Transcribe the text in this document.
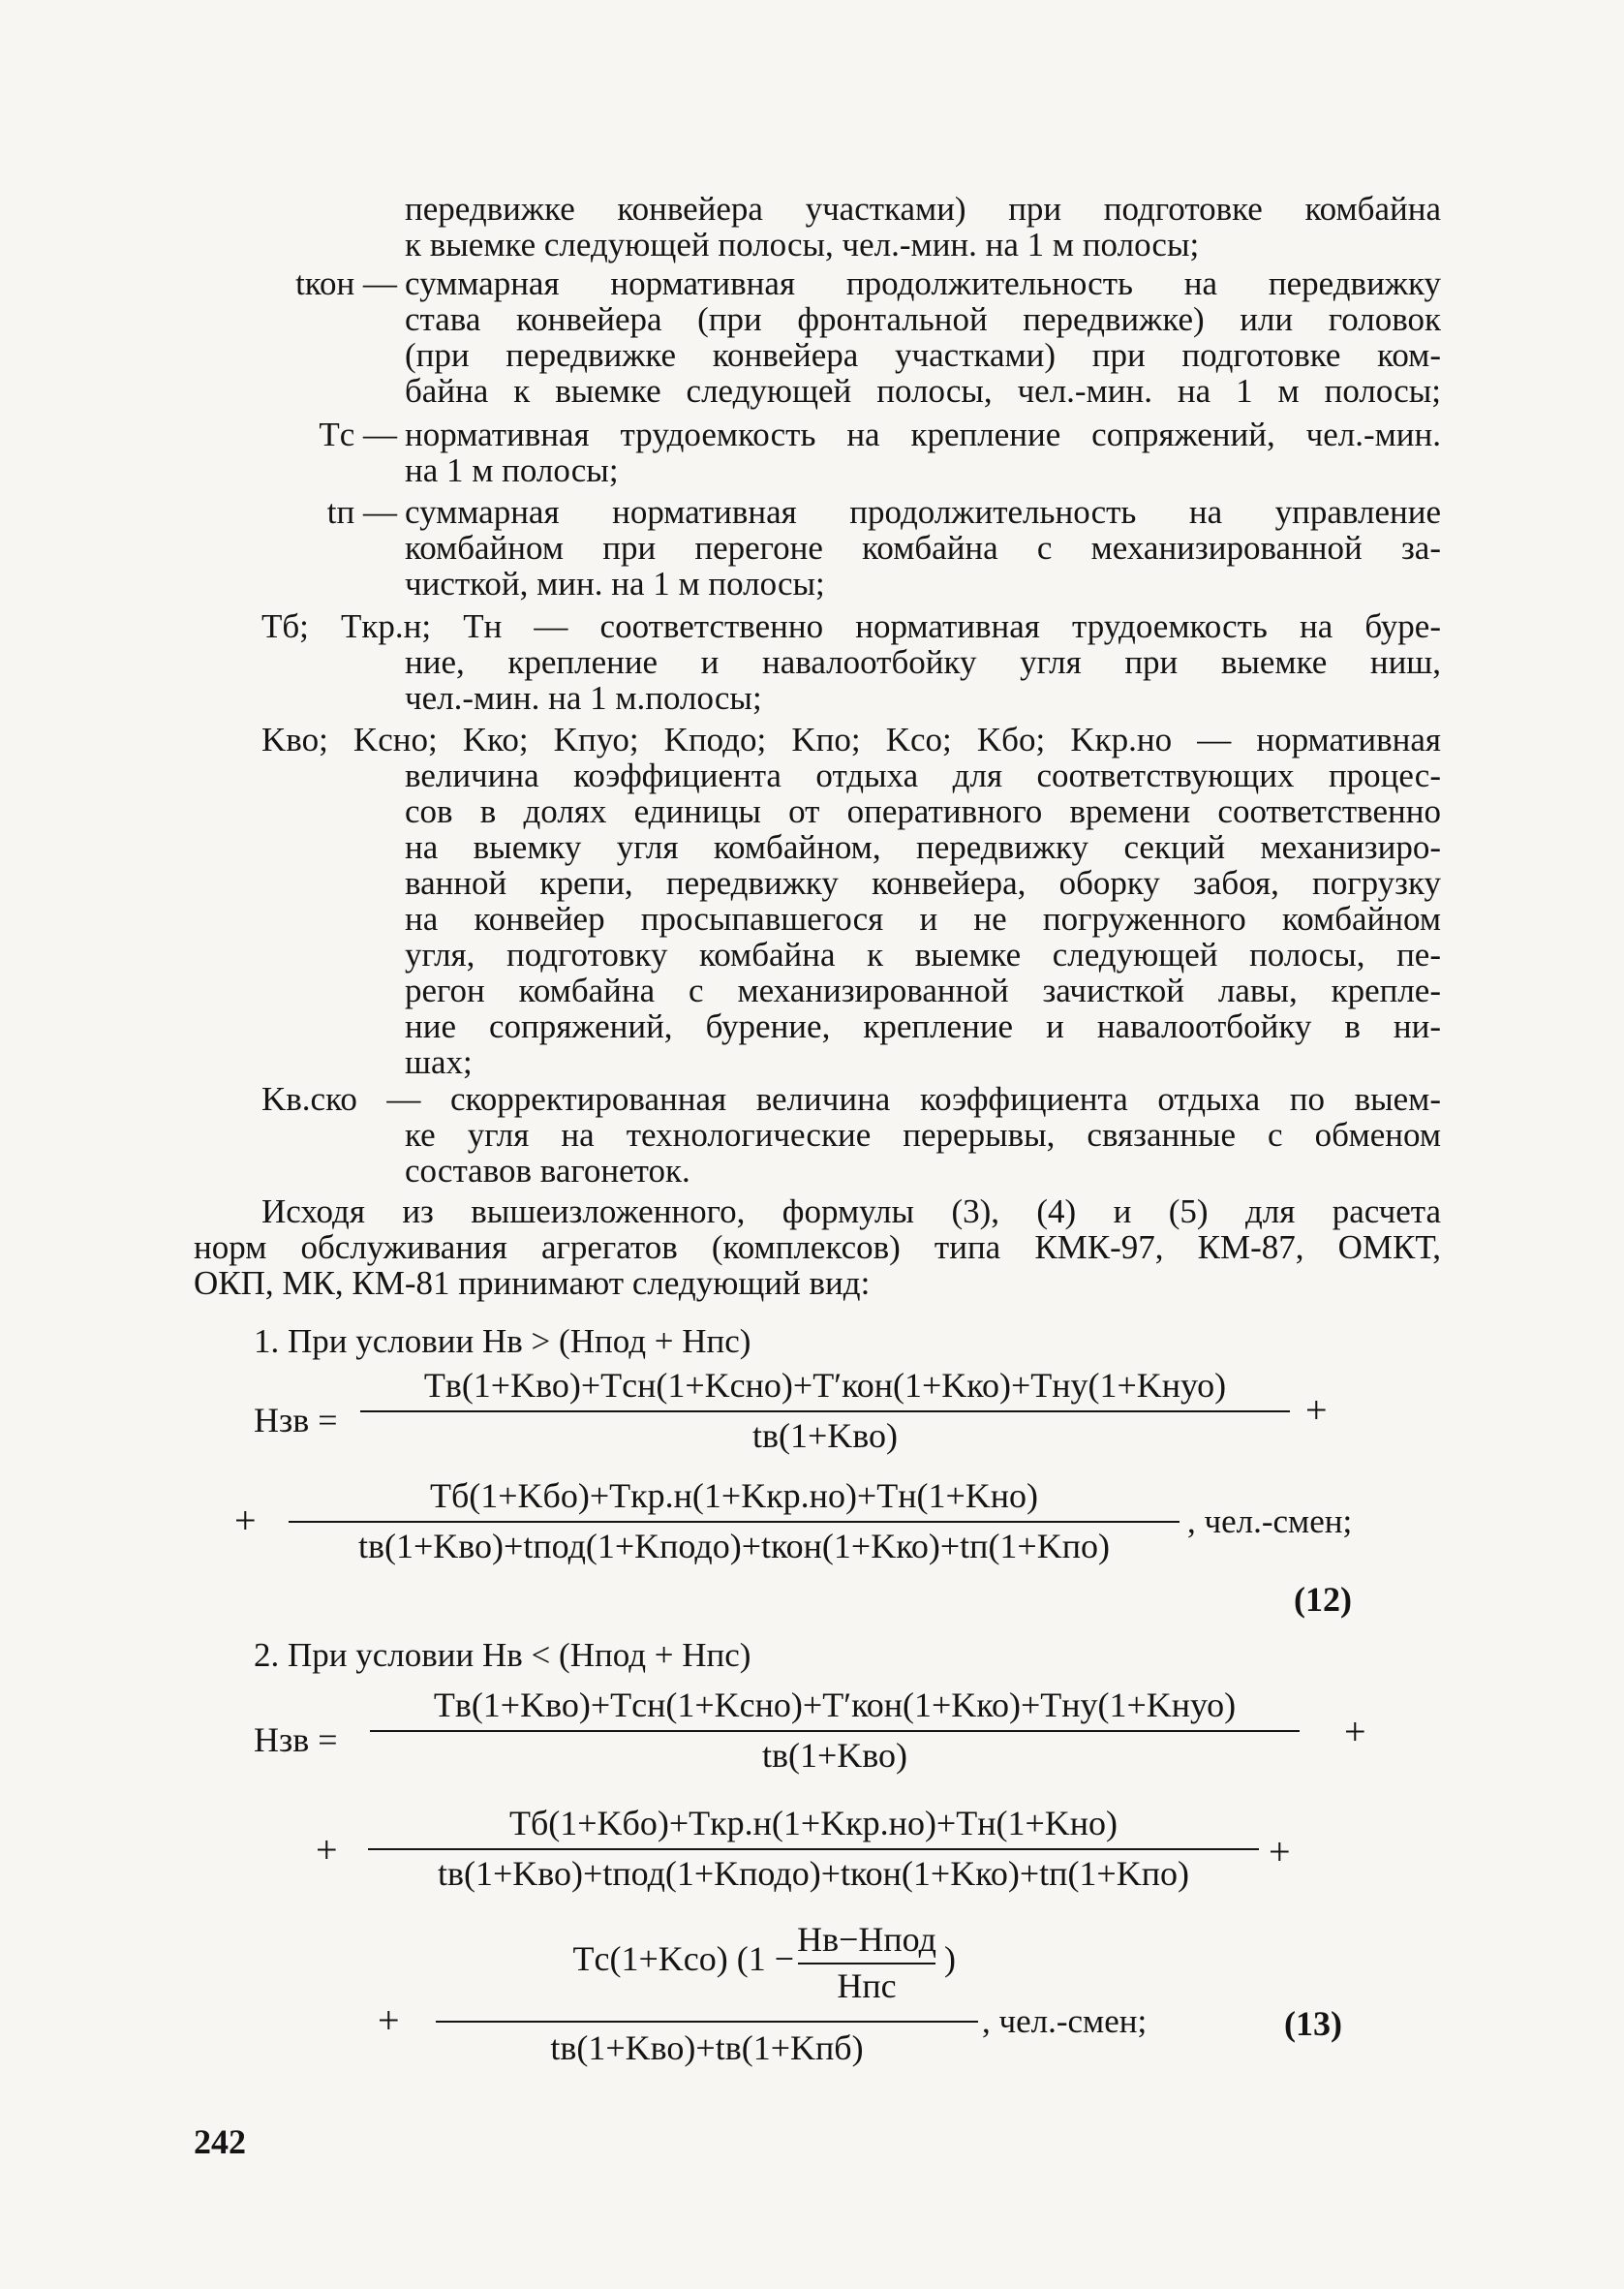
передвижке конвейера участками) при подготовке комбайна
к выемке следующей полосы, чел.-мин. на 1 м полосы;
tкон — суммарная нормативная продолжительность на передвижку
става конвейера (при фронтальной передвижке) или головок
(при передвижке конвейера участками) при подготовке ком-
байна к выемке следующей полосы, чел.-мин. на 1 м полосы;
Tс — нормативная трудоемкость на крепление сопряжений, чел.-мин.
на 1 м полосы;
tп — суммарная нормативная продолжительность на управление
комбайном при перегоне комбайна с механизированной за-
чисткой, мин. на 1 м полосы;
Tб; Tкр.н; Tн — соответственно нормативная трудоемкость на буре-
ние, крепление и навалоотбойку угля при выемке ниш,
чел.-мин. на 1 м.полосы;
Kво; Kсно; Kко; Kпуо; Kподо; Kпо; Kсо; Kбо; Kкр.но — нормативная
величина коэффициента отдыха для соответствующих процес-
сов в долях единицы от оперативного времени соответственно
на выемку угля комбайном, передвижку секций механизиро-
ванной крепи, передвижку конвейера, оборку забоя, погрузку
на конвейер просыпавшегося и не погруженного комбайном
угля, подготовку комбайна к выемке следующей полосы, пе-
регон комбайна с механизированной зачисткой лавы, крепле-
ние сопряжений, бурение, крепление и навалоотбойку в ни-
шах;
Kв.ско — скорректированная величина коэффициента отдыха по выем-
ке угля на технологические перерывы, связанные с обменом
составов вагонеток.
Исходя из вышеизложенного, формулы (3), (4) и (5) для расчета
норм обслуживания агрегатов (комплексов) типа КМК-97, КМ-87, ОМКТ,
ОКП, МК, КМ-81 принимают следующий вид:
1. При условии Hв > (Hпод + Hпс)
Hзв =
Tв(1+Kво)+Tсн(1+Kсно)+T′кон(1+Kко)+Tну(1+Kнуо)
tв(1+Kво)
+
+
Tб(1+Kбо)+Tкр.н(1+Kкр.но)+Tн(1+Kно)
tв(1+Kво)+tпод(1+Kподо)+tкон(1+Kко)+tп(1+Kпо)
, чел.-смен;
(12)
2. При условии Hв < (Hпод + Hпс)
Hзв =
Tв(1+Kво)+Tсн(1+Kсно)+T′кон(1+Kко)+Tну(1+Kнуо)
tв(1+Kво)
+
+
Tб(1+Kбо)+Tкр.н(1+Kкр.но)+Tн(1+Kно)
tв(1+Kво)+tпод(1+Kподо)+tкон(1+Kко)+tп(1+Kпо)	+
+
Tс(1+Kсо) (1 − Hв−Hпод
Hпс
)
tв(1+Kво)+tв(1+Kпб)
, чел.-смен;	(13)
242
